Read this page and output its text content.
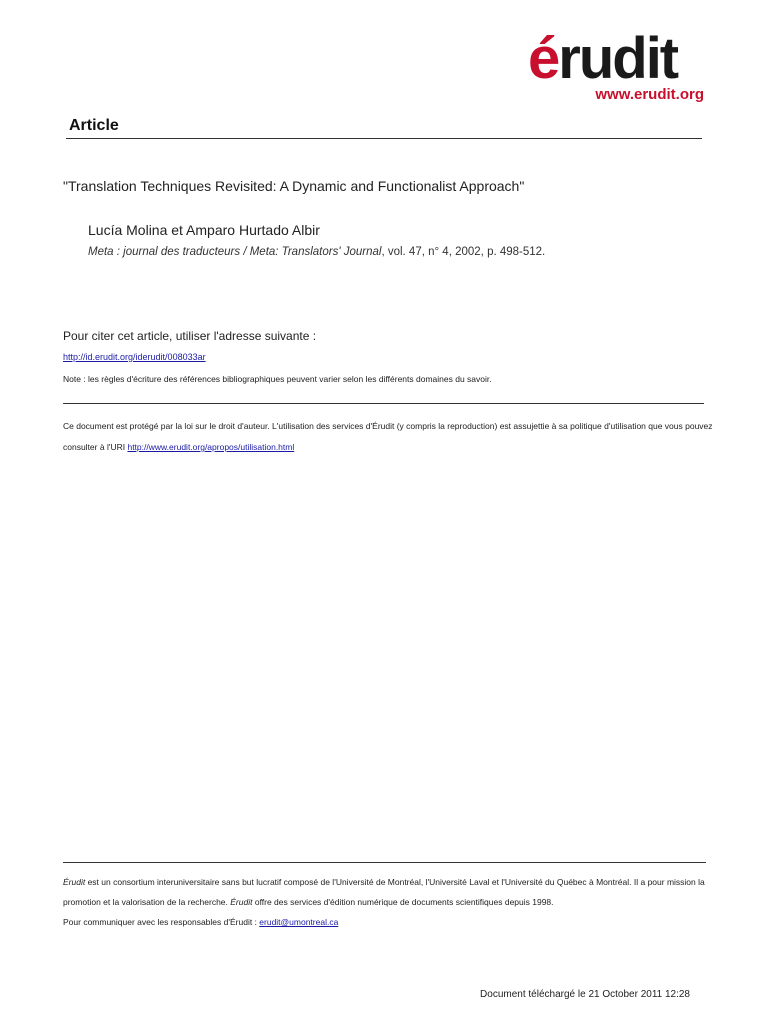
érudit
www.erudit.org
Article
"Translation Techniques Revisited: A Dynamic and Functionalist Approach"
Lucía Molina et Amparo Hurtado Albir
Meta : journal des traducteurs / Meta: Translators' Journal, vol. 47, n° 4, 2002, p. 498-512.
Pour citer cet article, utiliser l'adresse suivante :
http://id.erudit.org/iderudit/008033ar
Note : les règles d'écriture des références bibliographiques peuvent varier selon les différents domaines du savoir.
Ce document est protégé par la loi sur le droit d'auteur. L'utilisation des services d'Érudit (y compris la reproduction) est assujettie à sa politique d'utilisation que vous pouvez consulter à l'URI http://www.erudit.org/apropos/utilisation.html
Érudit est un consortium interuniversitaire sans but lucratif composé de l'Université de Montréal, l'Université Laval et l'Université du Québec à Montréal. Il a pour mission la promotion et la valorisation de la recherche. Érudit offre des services d'édition numérique de documents scientifiques depuis 1998.
Pour communiquer avec les responsables d'Érudit : erudit@umontreal.ca
Document téléchargé le 21 October 2011 12:28
